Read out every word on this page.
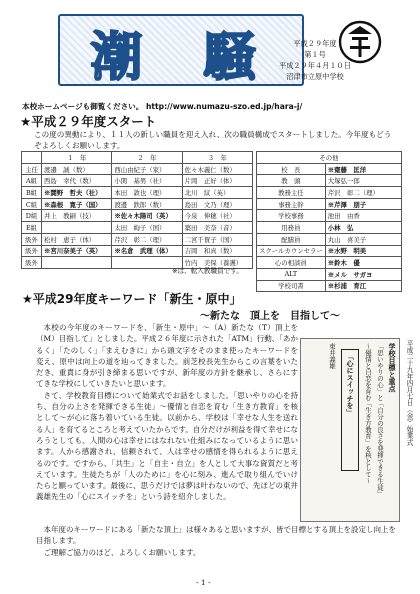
潮 騒	平成２９年度
第１号
平成２９年４月１０日
沼津市立原中学校
本校ホームページも御覧ください。 http://www.numazu-szo.ed.jp/hara-j/
★平成２９年度スタート
この度の異動により、１１人の新しい職員を迎え入れ、次の職員構成でスタートしました。今年度もどうぞよろしくお願いします。
	１　年	２　年	３　年
主任	渡邉　誠（数）	西山由紀子（家）	佐々木義仁（数）
A組	西島　幸代（数）	小関　基男（社）	片岡　正好（体）
B組	※鬨野　哲夫（社）	本田　敦也（理）	北川　紋（英）
C組	※森根　寛子（国）	渡邊　鉄郎（数）	島田　文乃（理）
D組	井上　教嗣（技）	※佐々木陽司（英）	今泉　伸穂（社）
E組		太田　絢子（国）	築田　美奈（音）
級外	松村　恵子（体）	芹沢　彰二（理）	二宮千賀子（国）
級外	※宮川奈美子（英）	※名倉　武理（体）	吉岡　和真（数）
級外			竹内　美保（養護）
※は、転入教職員です。
その他	
校　長	※齋藤　匡洋
教　頭	大塚弘一郎
教務主任	芹沢　彰二（理）
事務主幹	※芹澤　朋子
学校事務	池田　由香
用務員	小林　弘
配膳員	丸山　喜美子
スクールカウンセラー	※水野　明美
心の相談員	※鈴木　優
ALT	※メル　サガヨ
学校司書	※杉浦　育江
★平成29年度キーワード「新生・原中」
～新たな　頂上を　目指して～

本校の今年度のキーワードを、「新生・原中」～（A）新たな（T）頂上を（M）目指して」としました。平成２６年度に示された「ATM」行動、「あかるく」「たのしく」「まえむきに」から頭文字をそのまま使ったキーワードを変え、原中は向上の道を辿ってきました。前芝校長先生からこの言葉をいただき、重責に身が引き締まる思いですが、新年度の方針を継承し、さらにすてきな学校にしていきたいと思います。

さて、学校教育目標について始業式でお話をしました。「思いやりの心を持ち、自分の上さを発揮できる生徒」～優情と自恋を育む「生き方教育」を核として～が心に落ち着いている生徒。以前から、学校は「幸せな人生を送れる人」を育てるところと考えていたからです。自分だけが利益を得て幸せになろうとしても、人間の心は幸せにはなれない仕組みになっているように思います。人から感謝され、信頼されて、人は幸せの感情を得られるように思えるのです。ですから、「共生」と「自主・自立」を人として大事な資質だと考えています。生徒たちが「人のために」を心に刻み、進んで取り組んでいけたらと願っています。最後に、思うだけでは夢は叶わないので、先ほどの東井義雄先生の「心にスイッチを」という詩を紹介しました。

学校目標と重点
「思いやりの心」と「自分の良さを発揮できる生徒」
～優情と自恋を育む「生き方教育」を核として～
「心にスイッチを」
東井義雄

本年度のキーワードにある「新たな頂上」は様々あると思いますが、皆で目標とする頂上を設定し向上を目指します。

ご理解ご協力のほど、よろしくお願いします。

- 1 -
平成二十九年四月七日（金）始業式
